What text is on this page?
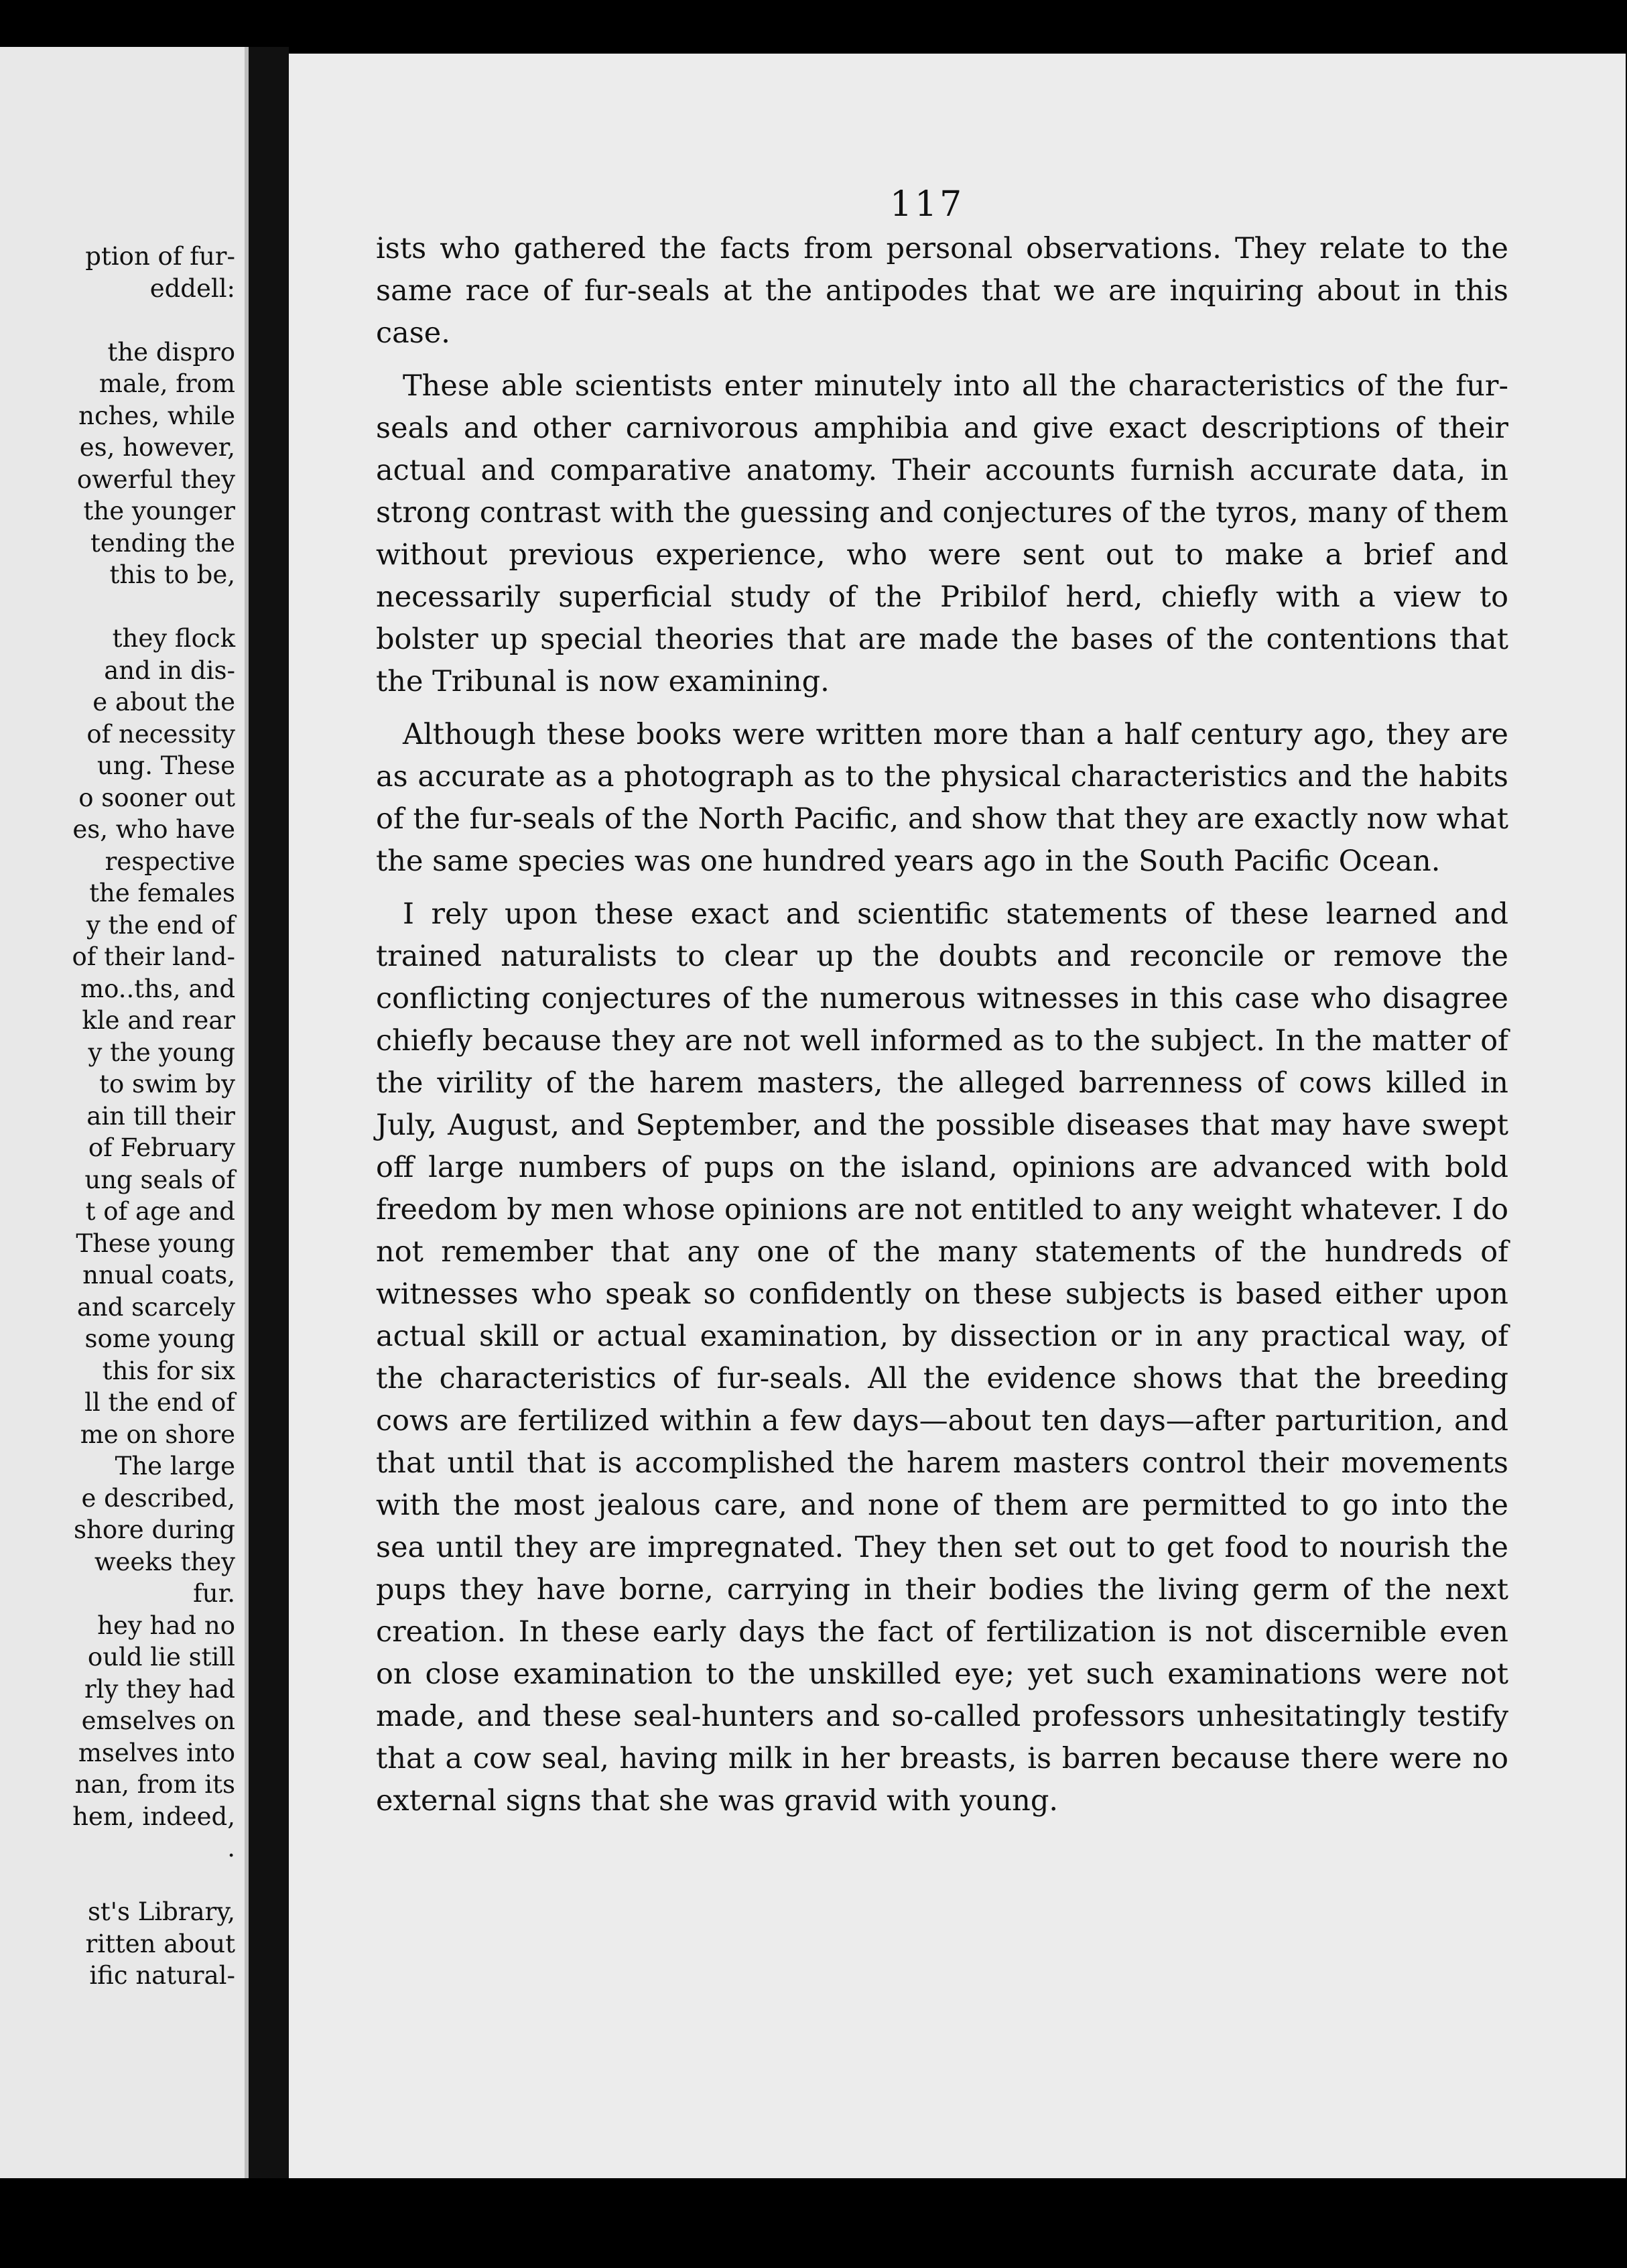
ption of fur-
eddell:
the dispro
male, from
nches, while
es, however,
owerful they
the younger
tending the
this to be,
they flock
and in dis-
e about the
of necessity
ung. These
o sooner out
es, who have
respective
the females
y the end of
of their land-
mo..ths, and
kle and rear
y the young
to swim by
ain till their
of February
ung seals of
t of age and
These young
nnual coats,
and scarcely
some young
this for six
ll the end of
me on shore
The large
e described,
shore during
weeks they
fur.
hey had no
ould lie still
rly they had
emselves on
mselves into
nan, from its
hem, indeed,
.
st's Library,
ritten about
ific natural-
117

ists who gathered the facts from personal observations. They relate to the same race of fur-seals at the antipodes that we are inquiring about in this case.

These able scientists enter minutely into all the characteristics of the fur-seals and other carnivorous amphibia and give exact descriptions of their actual and comparative anatomy. Their accounts furnish accurate data, in strong contrast with the guessing and conjectures of the tyros, many of them without previous experience, who were sent out to make a brief and necessarily superficial study of the Pribilof herd, chiefly with a view to bolster up special theories that are made the bases of the contentions that the Tribunal is now examining.

Although these books were written more than a half century ago, they are as accurate as a photograph as to the physical characteristics and the habits of the fur-seals of the North Pacific, and show that they are exactly now what the same species was one hundred years ago in the South Pacific Ocean.

I rely upon these exact and scientific statements of these learned and trained naturalists to clear up the doubts and reconcile or remove the conflicting conjectures of the numerous witnesses in this case who disagree chiefly because they are not well informed as to the subject. In the matter of the virility of the harem masters, the alleged barrenness of cows killed in July, August, and September, and the possible diseases that may have swept off large numbers of pups on the island, opinions are advanced with bold freedom by men whose opinions are not entitled to any weight whatever. I do not remember that any one of the many statements of the hundreds of witnesses who speak so confidently on these subjects is based either upon actual skill or actual examination, by dissection or in any practical way, of the characteristics of fur-seals. All the evidence shows that the breeding cows are fertilized within a few days—about ten days—after parturition, and that until that is accomplished the harem masters control their movements with the most jealous care, and none of them are permitted to go into the sea until they are impregnated. They then set out to get food to nourish the pups they have borne, carrying in their bodies the living germ of the next creation. In these early days the fact of fertilization is not discernible even on close examination to the unskilled eye; yet such examinations were not made, and these seal-hunters and so-called professors unhesitatingly testify that a cow seal, having milk in her breasts, is barren because there were no external signs that she was gravid with young.
